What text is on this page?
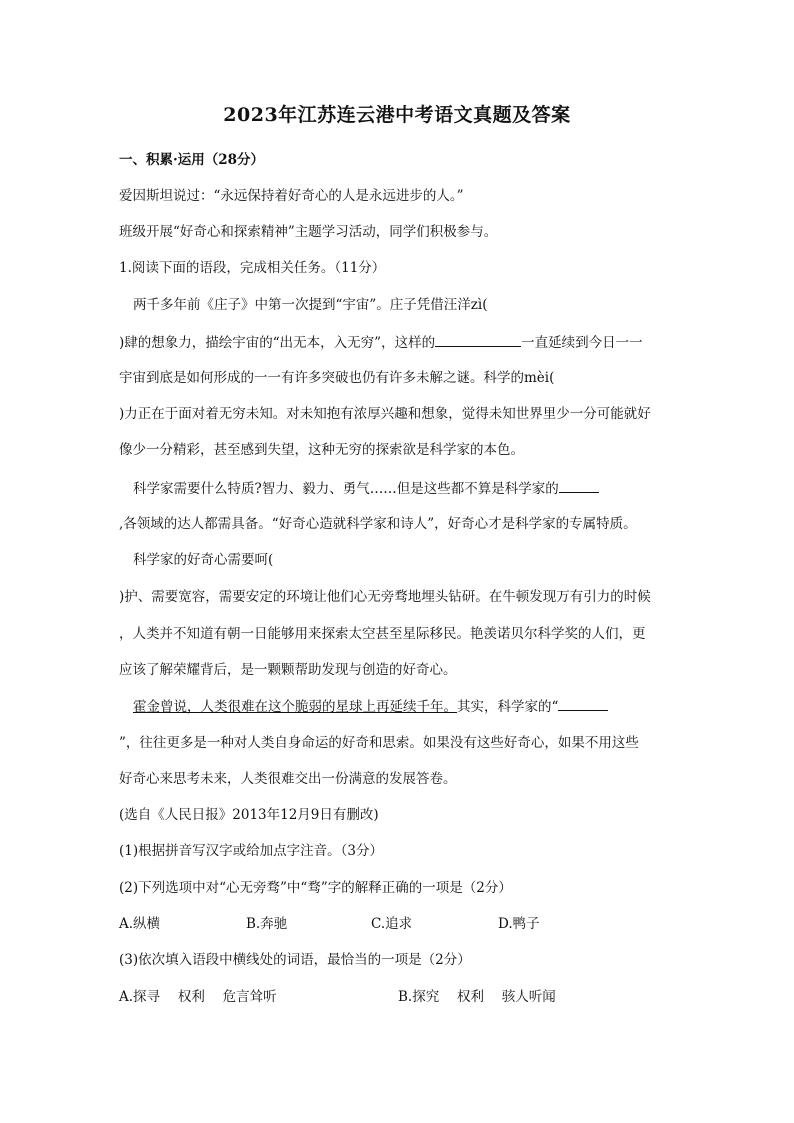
2023年江苏连云港中考语文真题及答案
一、积累·运用（28分）
爱因斯坦说过：“永远保持着好奇心的人是永远进步的人。”
班级开展“好奇心和探索精神”主题学习活动，同学们积极参与。
1.阅读下面的语段，完成相关任务。（11分）
两千多年前《庄子》中第一次提到“宇宙”。庄子凭借汪洋zì(
)肆的想象力，描绘宇宙的“出无本，入无穷”，这样的	一直延续到今日一一
宇宙到底是如何形成的一一有许多突破也仍有许多未解之谜。科学的mèi(
)力正在于面对着无穷未知。对未知抱有浓厚兴趣和想象，觉得未知世界里少一分可能就好
像少一分精彩，甚至感到失望，这种无穷的探索欲是科学家的本色。
科学家需要什么特质?智力、毅力、勇气……但是这些都不算是科学家的
,各领域的达人都需具备。“好奇心造就科学家和诗人”，好奇心才是科学家的专属特质。
科学家的好奇心需要呵(
)护、需要宽容，需要安定的环境让他们心无旁骛地埋头钻研。在牛顿发现万有引力的时候
，人类并不知道有朝一日能够用来探索太空甚至星际移民。艳羡诺贝尔科学奖的人们，更
应该了解荣耀背后，是一颗颗帮助发现与创造的好奇心。
霍金曾说，人类很难在这个脆弱的星球上再延续千年。其实，科学家的“
”，往往更多是一种对人类自身命运的好奇和思索。如果没有这些好奇心，如果不用这些
好奇心来思考未来，人类很难交出一份满意的发展答卷。
(选自《人民日报》2013年12月9日有删改)
(1)根据拼音写汉字或给加点字注音。（3分）
(2)下列选项中对“心无旁骛”中“骛”字的解释正确的一项是（2分）
A.纵横	B.奔驰	C.追求	D.鸭子
(3)依次填入语段中横线处的词语，最恰当的一项是（2分）
A.探寻　 权利　 危言耸听	B.探究　 权利　 骇人听闻
